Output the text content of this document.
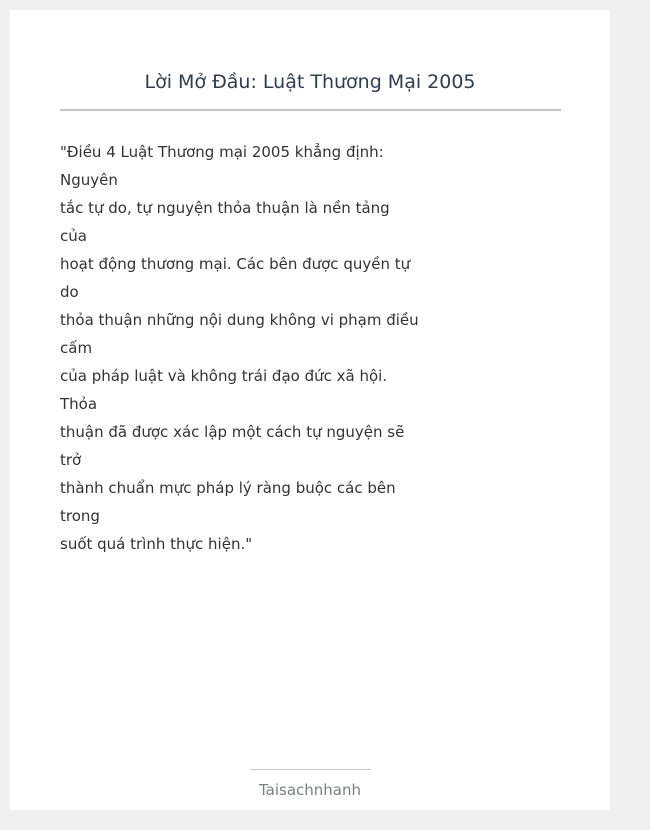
Lời Mở Đầu: Luật Thương Mại 2005
"Điều 4 Luật Thương mại 2005 khẳng định:
Nguyên
tắc tự do, tự nguyện thỏa thuận là nền tảng
của
hoạt động thương mại. Các bên được quyền tự
do
thỏa thuận những nội dung không vi phạm điều
cấm
của pháp luật và không trái đạo đức xã hội.
Thỏa
thuận đã được xác lập một cách tự nguyện sẽ
trở
thành chuẩn mực pháp lý ràng buộc các bên
trong
suốt quá trình thực hiện."
Taisachnhanh
